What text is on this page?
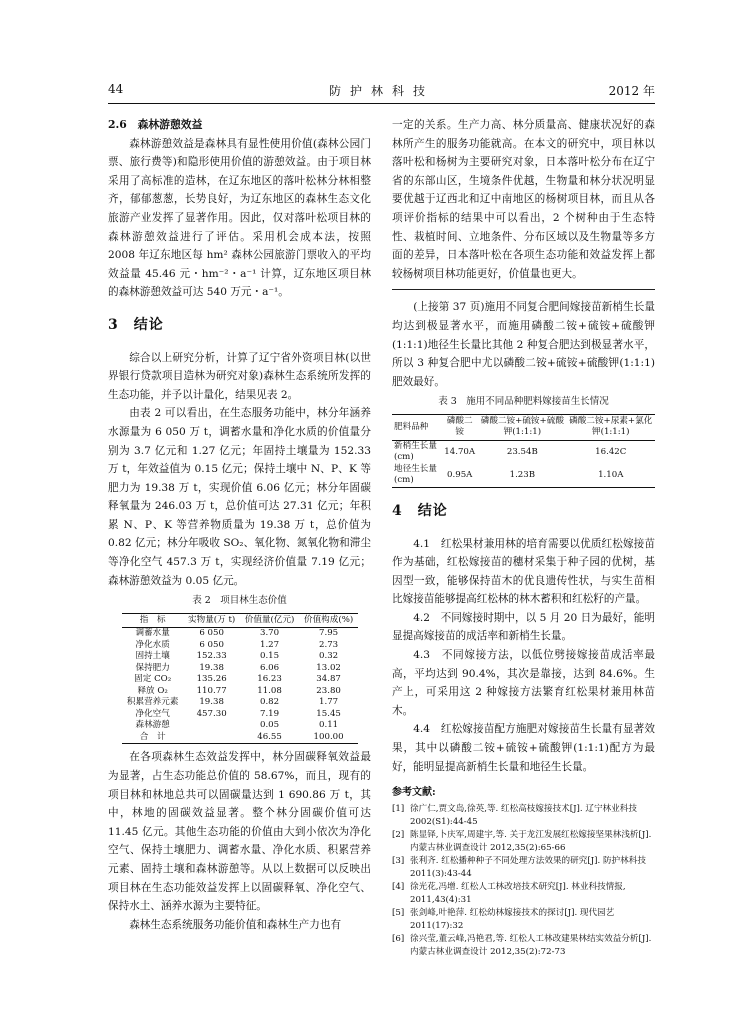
44	防护林科技	2012 年

2.6　森林游憩效益

森林游憩效益是森林具有显性使用价值(森林公园门票、旅行费等)和隐形使用价值的游憩效益。由于项目林采用了高标准的造林，在辽东地区的落叶松林分林相整齐，郁郁葱葱，长势良好，为辽东地区的森林生态文化旅游产业发挥了显著作用。因此，仅对落叶松项目林的森林游憩效益进行了评估。采用机会成本法，按照 2008 年辽东地区每 hm² 森林公园旅游门票收入的平均效益量 45.46 元・hm⁻²・a⁻¹ 计算，辽东地区项目林的森林游憩效益可达 540 万元・a⁻¹。

3　结论

综合以上研究分析，计算了辽宁省外资项目林(以世界银行贷款项目造林为研究对象)森林生态系统所发挥的生态功能，并予以计量化，结果见表 2。

由表 2 可以看出，在生态服务功能中，林分年涵养水源量为 6 050 万 t，调蓄水量和净化水质的价值量分别为 3.7 亿元和 1.27 亿元；年固持土壤量为 152.33 万 t，年效益值为 0.15 亿元；保持土壤中 N、P、K 等肥力为 19.38 万 t，实现价值 6.06 亿元；林分年固碳释氧量为 246.03 万 t，总价值可达 27.31 亿元；年积累 N、P、K 等营养物质量为 19.38 万 t，总价值为 0.82 亿元；林分年吸收 SO₂、氧化物、氮氧化物和滞尘等净化空气 457.3 万 t，实现经济价值量 7.19 亿元；森林游憩效益为 0.05 亿元。

表 2　项目林生态价值
指　标	实物量(万 t)	价值量(亿元)	价值构成(%)
调蓄水量	6 050	3.70	7.95
净化水质	6 050	1.27	2.73
固持土壤	152.33	0.15	0.32
保持肥力	19.38	6.06	13.02
固定 CO₂	135.26	16.23	34.87
释放 O₂	110.77	11.08	23.80
积累营养元素	19.38	0.82	1.77
净化空气	457.30	7.19	15.45
森林游憩		0.05	0.11
合　计		46.55	100.00

在各项森林生态效益发挥中，林分固碳释氧效益最为显著，占生态功能总价值的 58.67%，而且，现有的项目林和林地总共可以固碳量达到 1 690.86 万 t，其中，林地的固碳效益显著。整个林分固碳价值可达 11.45 亿元。其他生态功能的价值由大到小依次为净化空气、保持土壤肥力、调蓄水量、净化水质、积累营养元素、固持土壤和森林游憩等。从以上数据可以反映出项目林在生态功能效益发挥上以固碳释氧、净化空气、保持水土、涵养水源为主要特征。

森林生态系统服务功能价值和森林生产力也有

一定的关系。生产力高、林分质量高、健康状况好的森林所产生的服务功能就高。在本文的研究中，项目林以落叶松和杨树为主要研究对象，日本落叶松分布在辽宁省的东部山区，生境条件优越，生物量和林分状况明显要优越于辽西北和辽中南地区的杨树项目林，而且从各项评价指标的结果中可以看出，2 个树种由于生态特性、栽植时间、立地条件、分布区域以及生物量等多方面的差异，日本落叶松在各项生态功能和效益发挥上都较杨树项目林功能更好，价值量也更大。

(上接第 37 页)施用不同复合肥间嫁接苗新梢生长量均达到极显著水平，而施用磷酸二铵+硫铵+硫酸钾(1:1:1)地径生长量比其他 2 种复合肥达到极显著水平，所以 3 种复合肥中尤以磷酸二铵+硫铵+硫酸钾(1:1:1)肥效最好。

表 3　施用不同品种肥料嫁接苗生长情况
肥料品种	磷酸二铵	磷酸二铵+硫铵+硫酸钾(1:1:1)	磷酸二铵+尿素+氯化钾(1:1:1)
新梢生长量(cm)	14.70A	23.54B	16.42C
地径生长量(cm)	0.95A	1.23B	1.10A

4　结论

4.1　红松果材兼用林的培育需要以优质红松嫁接苗作为基础，红松嫁接苗的穗材采集于种子园的优树，基因型一致，能够保持苗木的优良遗传性状，与实生苗相比嫁接苗能够提高红松林的林木蓄积和红松籽的产量。

4.2　不同嫁接时期中，以 5 月 20 日为最好，能明显提高嫁接苗的成活率和新梢生长量。

4.3　不同嫁接方法，以低位劈接嫁接苗成活率最高，平均达到 90.4%，其次是靠接，达到 84.6%。生产上，可采用这 2 种嫁接方法繁育红松果材兼用林苗木。

4.4　红松嫁接苗配方施肥对嫁接苗生长量有显著效果，其中以磷酸二铵+硫铵+硫酸钾(1:1:1)配方为最好，能明显提高新梢生长量和地径生长量。

参考文献:
[1] 徐广仁,贾文岛,徐英,等. 红松高枝嫁接技术[J]. 辽宁林业科技 2002(S1):44-45
[2] 陈显铎,卜庆军,周建宇,等. 关于龙江发展红松嫁接坚果林浅析[J]. 内蒙古林业调查设计 2012,35(2):65-66
[3] 张利齐. 红松播种种子不同处理方法效果的研究[J]. 防护林科技 2011(3):43-44
[4] 徐光花,冯增. 红松人工林改培技术研究[J]. 林业科技情报, 2011,43(4):31
[5] 张剑峰,叶艳萍. 红松幼林嫁接技术的探讨[J]. 现代园艺 2011(17):32
[6] 徐兴莹,董云峰,冯艳君,等. 红松人工林改建果林结实效益分析[J]. 内蒙古林业调查设计 2012,35(2):72-73
